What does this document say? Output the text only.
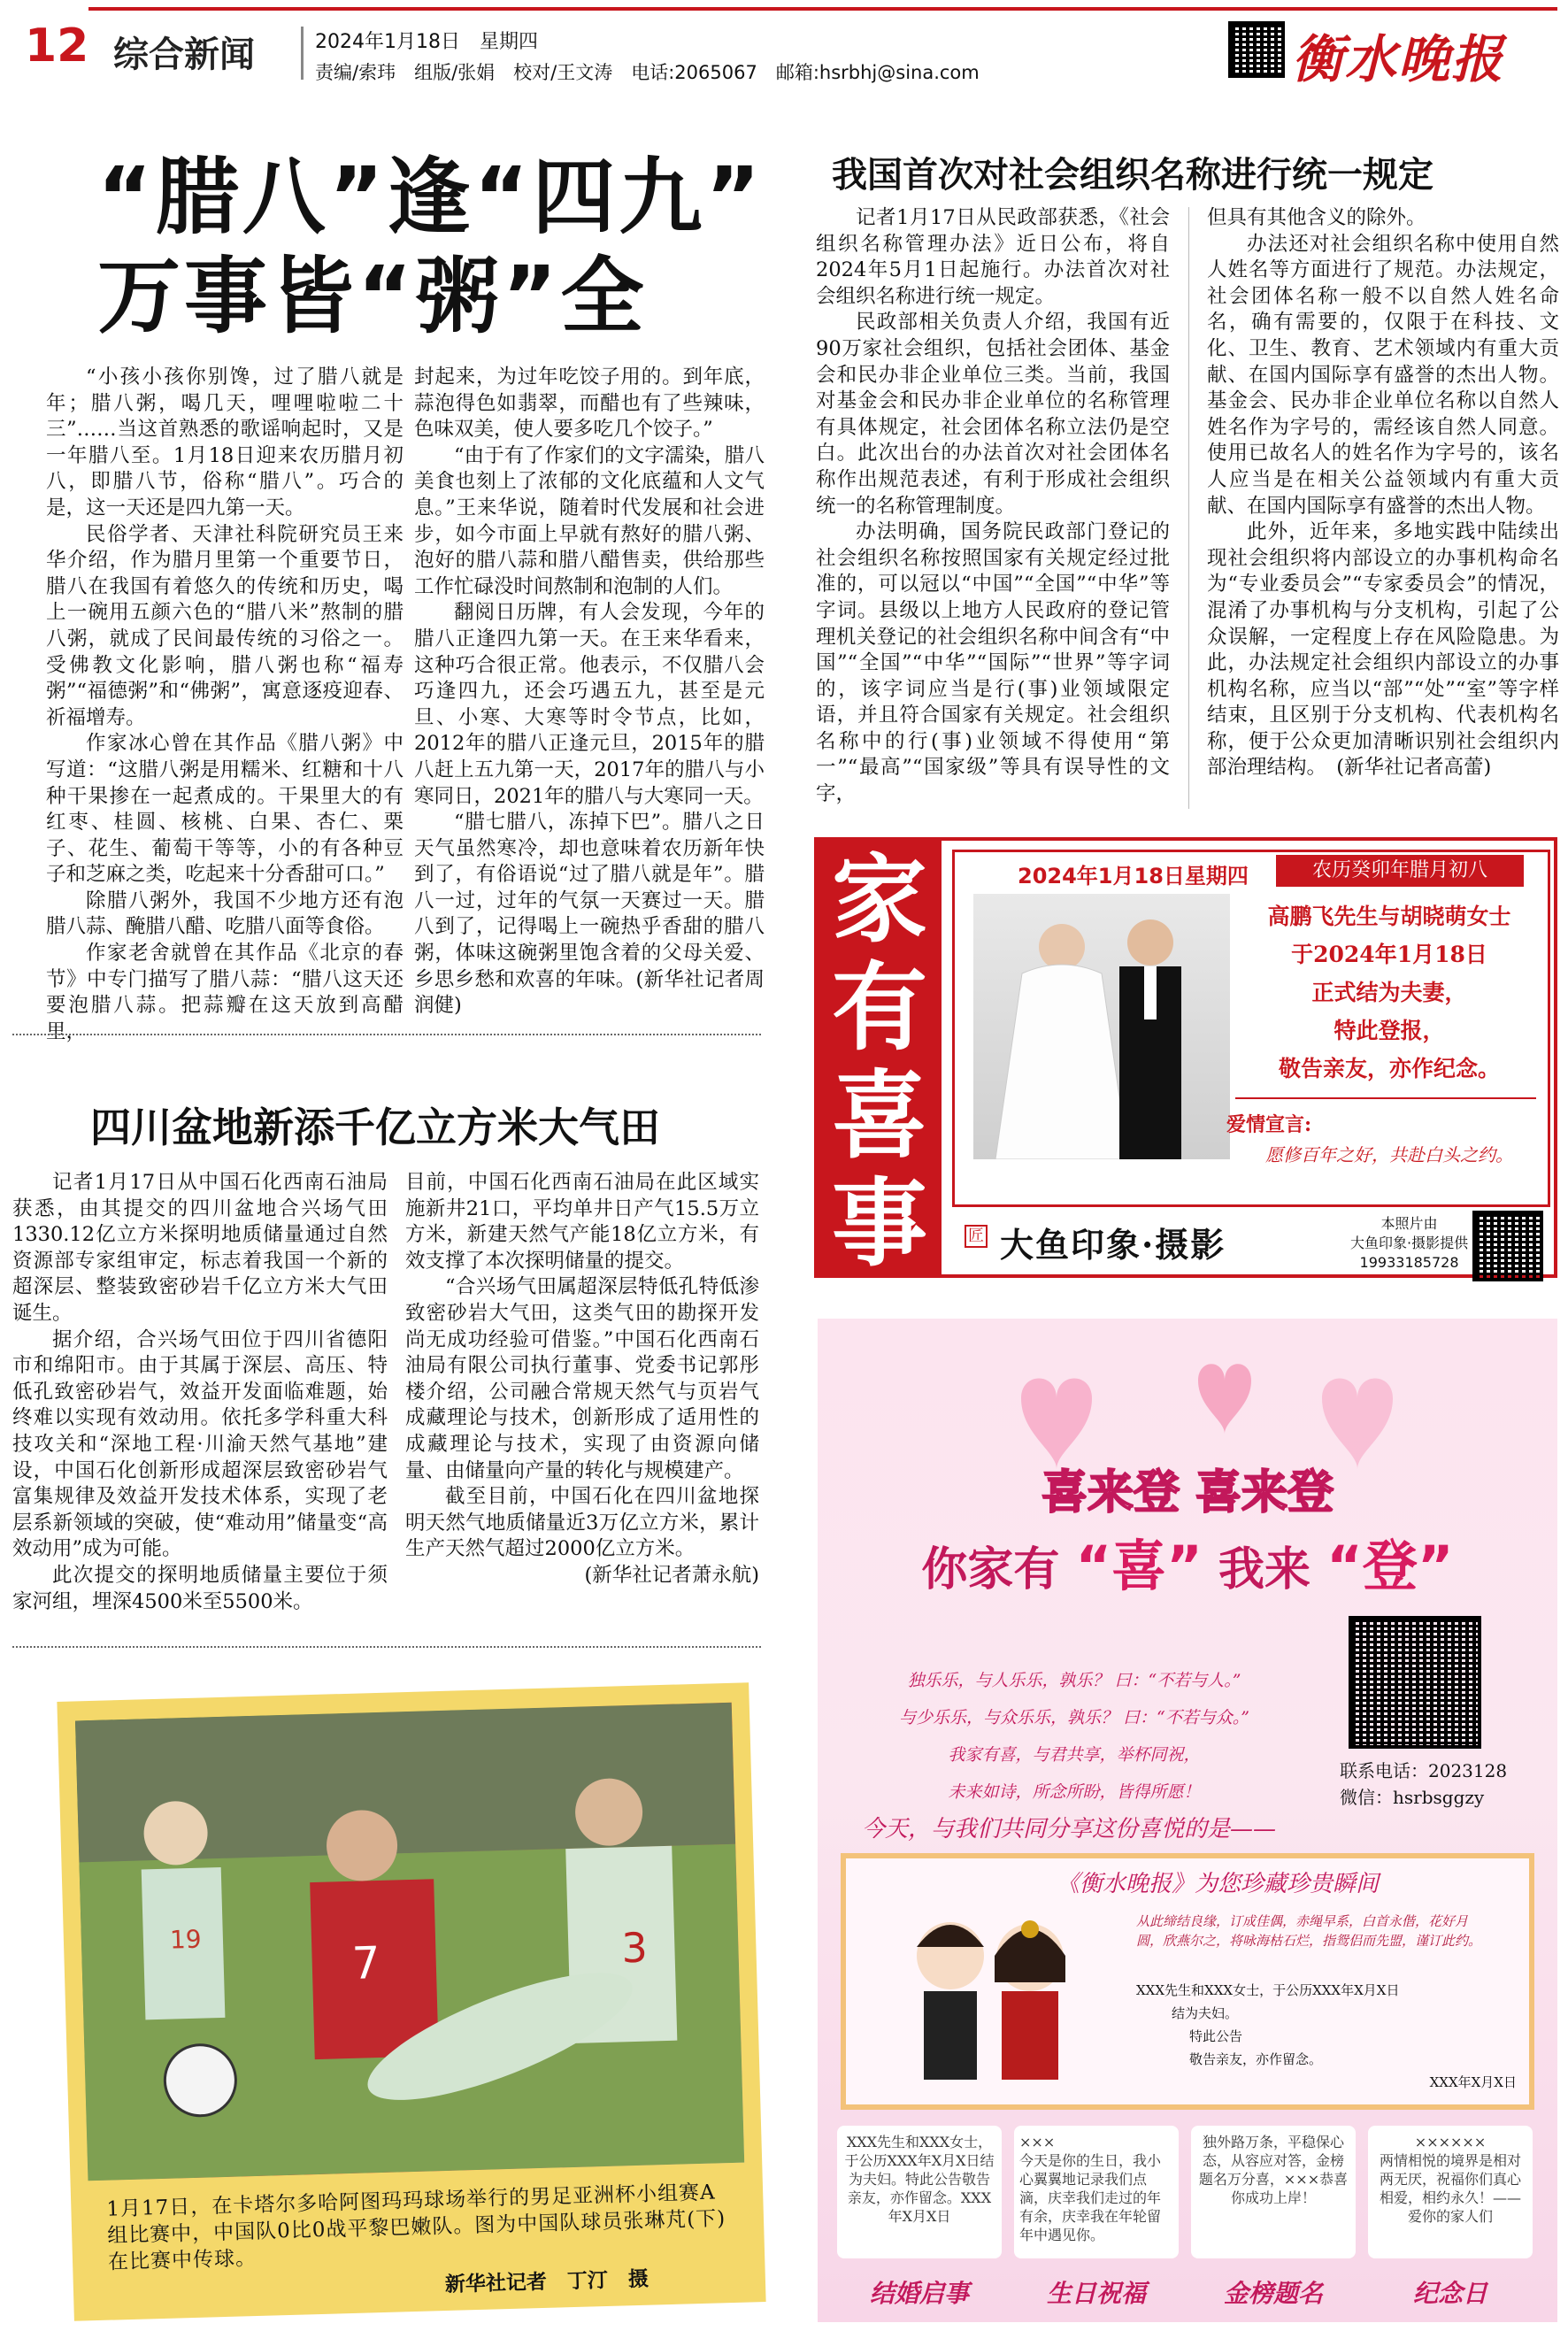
12 综合新闻	2024年1月18日　 星期四
责编/索玮　组版/张娟　校对/王文涛　电话:2065067　邮箱:hsrbhj@sina.com	衡水晚报
“腊八”逢“四九”
万事皆“粥”全

“小孩小孩你别馋，过了腊八就是年；腊八粥，喝几天，哩哩啦啦二十三”……当这首熟悉的歌谣响起时，又是一年腊八至。1月18日迎来农历腊月初八，即腊八节，俗称“腊八”。巧合的是，这一天还是四九第一天。

民俗学者、天津社科院研究员王来华介绍，作为腊月里第一个重要节日，腊八在我国有着悠久的传统和历史，喝上一碗用五颜六色的“腊八米”熬制的腊八粥，就成了民间最传统的习俗之一。受佛教文化影响，腊八粥也称“福寿粥”“福德粥”和“佛粥”，寓意逐疫迎春、祈福增寿。

作家冰心曾在其作品《腊八粥》中写道：“这腊八粥是用糯米、红糖和十八种干果掺在一起煮成的。干果里大的有红枣、桂圆、核桃、白果、杏仁、栗子、花生、葡萄干等等，小的有各种豆子和芝麻之类，吃起来十分香甜可口。”

除腊八粥外，我国不少地方还有泡腊八蒜、醃腊八醋、吃腊八面等食俗。

作家老舍就曾在其作品《北京的春节》中专门描写了腊八蒜：“腊八这天还要泡腊八蒜。把蒜瓣在这天放到高醋里，

封起来，为过年吃饺子用的。到年底，蒜泡得色如翡翠，而醋也有了些辣味，色味双美，使人要多吃几个饺子。”

“由于有了作家们的文字濡染，腊八美食也刻上了浓郁的文化底蕴和人文气息。”王来华说，随着时代发展和社会进步，如今市面上早就有熬好的腊八粥、泡好的腊八蒜和腊八醋售卖，供给那些工作忙碌没时间熬制和泡制的人们。

翻阅日历牌，有人会发现，今年的腊八正逢四九第一天。在王来华看来，这种巧合很正常。他表示，不仅腊八会巧逢四九，还会巧遇五九，甚至是元旦、小寒、大寒等时令节点，比如，2012年的腊八正逢元旦，2015年的腊八赶上五九第一天，2017年的腊八与小寒同日，2021年的腊八与大寒同一天。

“腊七腊八，冻掉下巴”。腊八之日天气虽然寒冷，却也意味着农历新年快到了，有俗语说“过了腊八就是年”。腊八一过，过年的气氛一天赛过一天。腊八到了，记得喝上一碗热乎香甜的腊八粥，体味这碗粥里饱含着的父母关爱、乡思乡愁和欢喜的年味。(新华社记者周润健)

我国首次对社会组织名称进行统一规定

记者1月17日从民政部获悉，《社会组织名称管理办法》近日公布，将自2024年5月1日起施行。办法首次对社会组织名称进行统一规定。

民政部相关负责人介绍，我国有近90万家社会组织，包括社会团体、基金会和民办非企业单位三类。当前，我国对基金会和民办非企业单位的名称管理有具体规定，社会团体名称立法仍是空白。此次出台的办法首次对社会团体名称作出规范表述，有利于形成社会组织统一的名称管理制度。

办法明确，国务院民政部门登记的社会组织名称按照国家有关规定经过批准的，可以冠以“中国”“全国”“中华”等字词。县级以上地方人民政府的登记管理机关登记的社会组织名称中间含有“中国”“全国”“中华”“国际”“世界”等字词的，该字词应当是行(事)业领域限定语，并且符合国家有关规定。社会组织名称中的行(事)业领域不得使用“第一”“最高”“国家级”等具有误导性的文字，

但具有其他含义的除外。

办法还对社会组织名称中使用自然人姓名等方面进行了规范。办法规定，社会团体名称一般不以自然人姓名命名，确有需要的，仅限于在科技、文化、卫生、教育、艺术领域内有重大贡献、在国内国际享有盛誉的杰出人物。基金会、民办非企业单位名称以自然人姓名作为字号的，需经该自然人同意。使用已故名人的姓名作为字号的，该名人应当是在相关公益领域内有重大贡献、在国内国际享有盛誉的杰出人物。

此外，近年来，多地实践中陆续出现社会组织将内部设立的办事机构命名为“专业委员会”“专家委员会”的情况，混淆了办事机构与分支机构，引起了公众误解，一定程度上存在风险隐患。为此，办法规定社会组织内部设立的办事机构名称，应当以“部”“处”“室”等字样结束，且区别于分支机构、代表机构名称，便于公众更加清晰识别社会组织内部治理结构。　(新华社记者高蕾)

四川盆地新添千亿立方米大气田

记者1月17日从中国石化西南石油局获悉，由其提交的四川盆地合兴场气田1330.12亿立方米探明地质储量通过自然资源部专家组审定，标志着我国一个新的超深层、整装致密砂岩千亿立方米大气田诞生。

据介绍，合兴场气田位于四川省德阳市和绵阳市。由于其属于深层、高压、特低孔致密砂岩气，效益开发面临难题，始终难以实现有效动用。依托多学科重大科技攻关和“深地工程·川渝天然气基地”建设，中国石化创新形成超深层致密砂岩气富集规律及效益开发技术体系，实现了老层系新领域的突破，使“难动用”储量变“高效动用”成为可能。

此次提交的探明地质储量主要位于须家河组，埋深4500米至5500米。

目前，中国石化西南石油局在此区域实施新井21口，平均单井日产气15.5万立方米，新建天然气产能18亿立方米，有效支撑了本次探明储量的提交。

“合兴场气田属超深层特低孔特低渗致密砂岩大气田，这类气田的勘探开发尚无成功经验可借鉴。”中国石化西南石油局有限公司执行董事、党委书记郭彤楼介绍，公司融合常规天然气与页岩气成藏理论与技术，创新形成了适用性的成藏理论与技术，实现了由资源向储量、由储量向产量的转化与规模建产。

截至目前，中国石化在四川盆地探明天然气地质储量近3万亿立方米，累计生产天然气超过2000亿立方米。

(新华社记者萧永航)

19	7	3
1月17日，在卡塔尔多哈阿图玛玛球场举行的男足亚洲杯小组赛A组比赛中，中国队0比0战平黎巴嫩队。图为中国队球员张琳芃(下)在比赛中传球。
新华社记者　丁汀　摄
家有喜事
2024年1月18日星期四	农历癸卯年腊月初八
高鹏飞先生与胡晓萌女士
于2024年1月18日
正式结为夫妻，
特此登报，
敬告亲友，亦作纪念。
爱情宣言:
愿修百年之好，共赴白头之约。
匠 大鱼印象·摄影
本照片由
大鱼印象·摄影提供
19933185728
喜来登 喜来登
你家有 “喜” 我来 “登”
独乐乐，与人乐乐，孰乐？ 曰：“不若与人。”
与少乐乐，与众乐乐，孰乐？ 曰：“不若与众。”
我家有喜，与君共享，举杯同祝，
未来如诗，所念所盼，皆得所愿！
联系电话：2023128
微信：hsrbsggzy
今天，与我们共同分享这份喜悦的是——
《衡水晚报》为您珍藏珍贵瞬间
从此缔结良缘，订成佳偶，赤绳早系，白首永偕，花好月圆，欣燕尔之，将咏海枯石烂，指鸳侣而先盟，谨订此约。
XXX先生和XXX女士，于公历XXX年X月X日
结为夫妇。
特此公告
敬告亲友，亦作留念。
XXX年X月X日
XXX先生和XXX女士，于公历XXX年X月X日结为夫妇。特此公告敬告亲友，亦作留念。XXX年X月X日
×××
今天是你的生日，我小心翼翼地记录我们点滴，庆幸我们走过的年有余，庆幸我在年轮留年中遇见你。
独外路万条，平稳保心态，从容应对答，金榜题名万分喜，×××恭喜你成功上岸！
××××××
两情相悦的境界是相对两无厌，祝福你们真心相爱，相约永久！——爱你的家人们
结婚启事	生日祝福	金榜题名	纪念日
